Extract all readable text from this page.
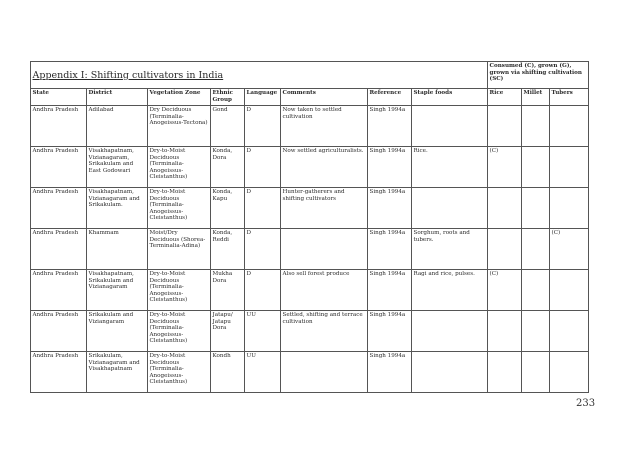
Appendix I: Shifting cultivators in India								Consumed (C), grown (G), grown via shifting cultivation (SC)		
State	District	Vegetation Zone	Ethnic Group	Language	Comments	Reference	Staple foods	Rice	Millet	Tubers
Andhra Pradesh	Adilabad	Dry Deciduous (Terminalia-Anogeissus-Tectona)	Gond	D	Now taken to settled cultivation	Singh 1994a				
Andhra Pradesh	Visakhapatnam, Vizianagaram, Srikakulam and East Godowari	Dry-to-Moist Deciduous (Terminalia-Anogeissus-Cleistanthus)	Konda, Dora	D	Now settled agriculturalists.	Singh 1994a	Rice.	(C)		
Andhra Pradesh	Visakhapatnam, Vizianagaram and Srikakulam.	Dry-to-Moist Deciduous (Terminalia-Anogeissus-Cleistanthus)	Konda, Kapu	D	Hunter-gatherers and shifting cultivators	Singh 1994a				
Andhra Pradesh	Khammam	Moist/Dry Deciduous (Shorea-Terminalia-Adina)	Konda, Reddi	D		Singh 1994a	Sorghum, roots and tubers.			(C)
Andhra Pradesh	Visakhapatnam, Srikakulam and Vizianagaram	Dry-to-Moist Deciduous (Terminalia-Anogeissus-Cleistanthus)	Mukha Dora	D	Also sell forest produce	Singh 1994a	Ragi and rice, pulses.	(C)		
Andhra Pradesh	Srikakulam and Viziangaram	Dry-to-Moist Deciduous (Terminalia-Anogeissus-Cleistanthus)	Jatapu/ Jatapu Dora	UU	Settled, shifting and terrace cultivation	Singh 1994a				
Andhra Pradesh	Srikakulam, Vizianagaram and Visakhapatnam	Dry-to-Moist Deciduous (Terminalia-Anogeissus-Cleistanthus)	Kondh	UU		Singh 1994a				
233
